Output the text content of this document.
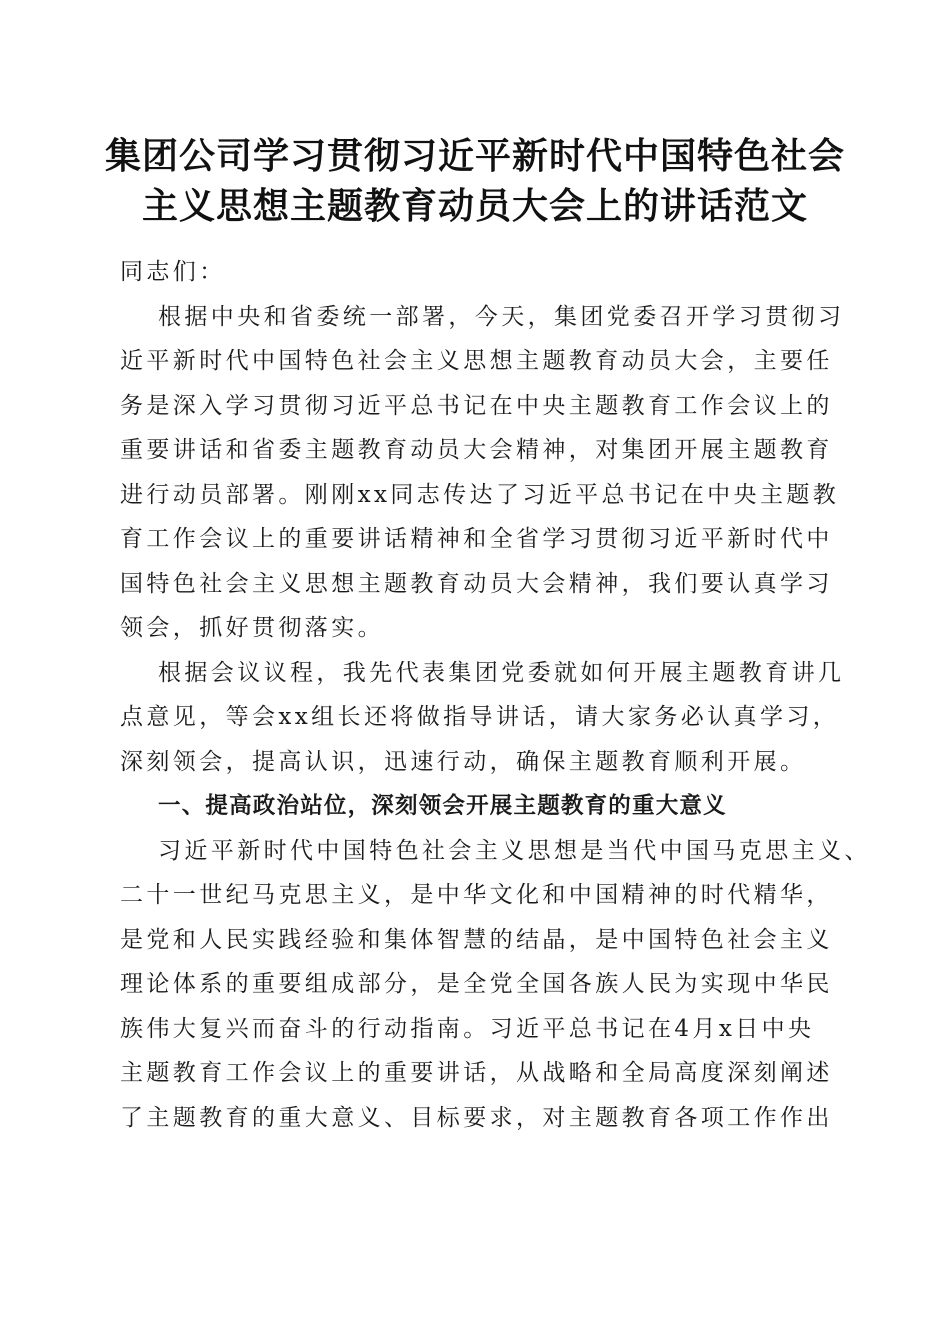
集团公司学习贯彻习近平新时代中国特色社会
主义思想主题教育动员大会上的讲话范文
同志们：
根据中央和省委统一部署，今天，集团党委召开学习贯彻习
近平新时代中国特色社会主义思想主题教育动员大会，主要任
务是深入学习贯彻习近平总书记在中央主题教育工作会议上的
重要讲话和省委主题教育动员大会精神，对集团开展主题教育
进行动员部署。刚刚xx同志传达了习近平总书记在中央主题教
育工作会议上的重要讲话精神和全省学习贯彻习近平新时代中
国特色社会主义思想主题教育动员大会精神，我们要认真学习
领会，抓好贯彻落实。
根据会议议程，我先代表集团党委就如何开展主题教育讲几
点意见，等会xx组长还将做指导讲话，请大家务必认真学习，
深刻领会，提高认识，迅速行动，确保主题教育顺利开展。
一、提高政治站位，深刻领会开展主题教育的重大意义
习近平新时代中国特色社会主义思想是当代中国马克思主义、
二十一世纪马克思主义，是中华文化和中国精神的时代精华，
是党和人民实践经验和集体智慧的结晶，是中国特色社会主义
理论体系的重要组成部分，是全党全国各族人民为实现中华民
族伟大复兴而奋斗的行动指南。习近平总书记在4月x日中央
主题教育工作会议上的重要讲话，从战略和全局高度深刻阐述
了主题教育的重大意义、目标要求，对主题教育各项工作作出
